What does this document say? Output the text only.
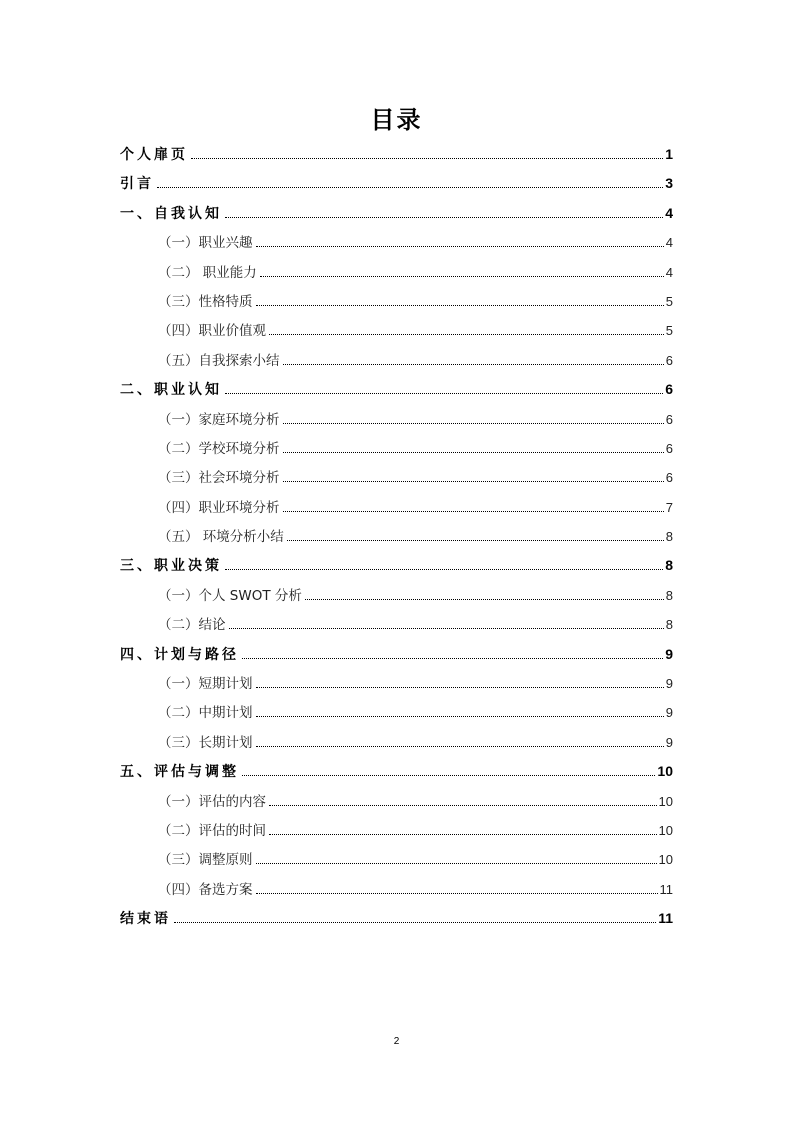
目录
个人扉页	1
引言	3
一、自我认知	4
（一）职业兴趣	4
（二） 职业能力	4
（三）性格特质	5
（四）职业价值观	5
（五）自我探索小结	6
二、职业认知	6
（一）家庭环境分析	6
（二）学校环境分析	6
（三）社会环境分析	6
（四）职业环境分析	7
（五） 环境分析小结	8
三、职业决策	8
（一）个人 SWOT 分析	8
（二）结论	8
四、计划与路径	9
（一）短期计划	9
（二）中期计划	9
（三）长期计划	9
五、评估与调整	10
（一）评估的内容	10
（二）评估的时间	10
（三）调整原则	10
（四）备选方案	11
结束语	11
2
